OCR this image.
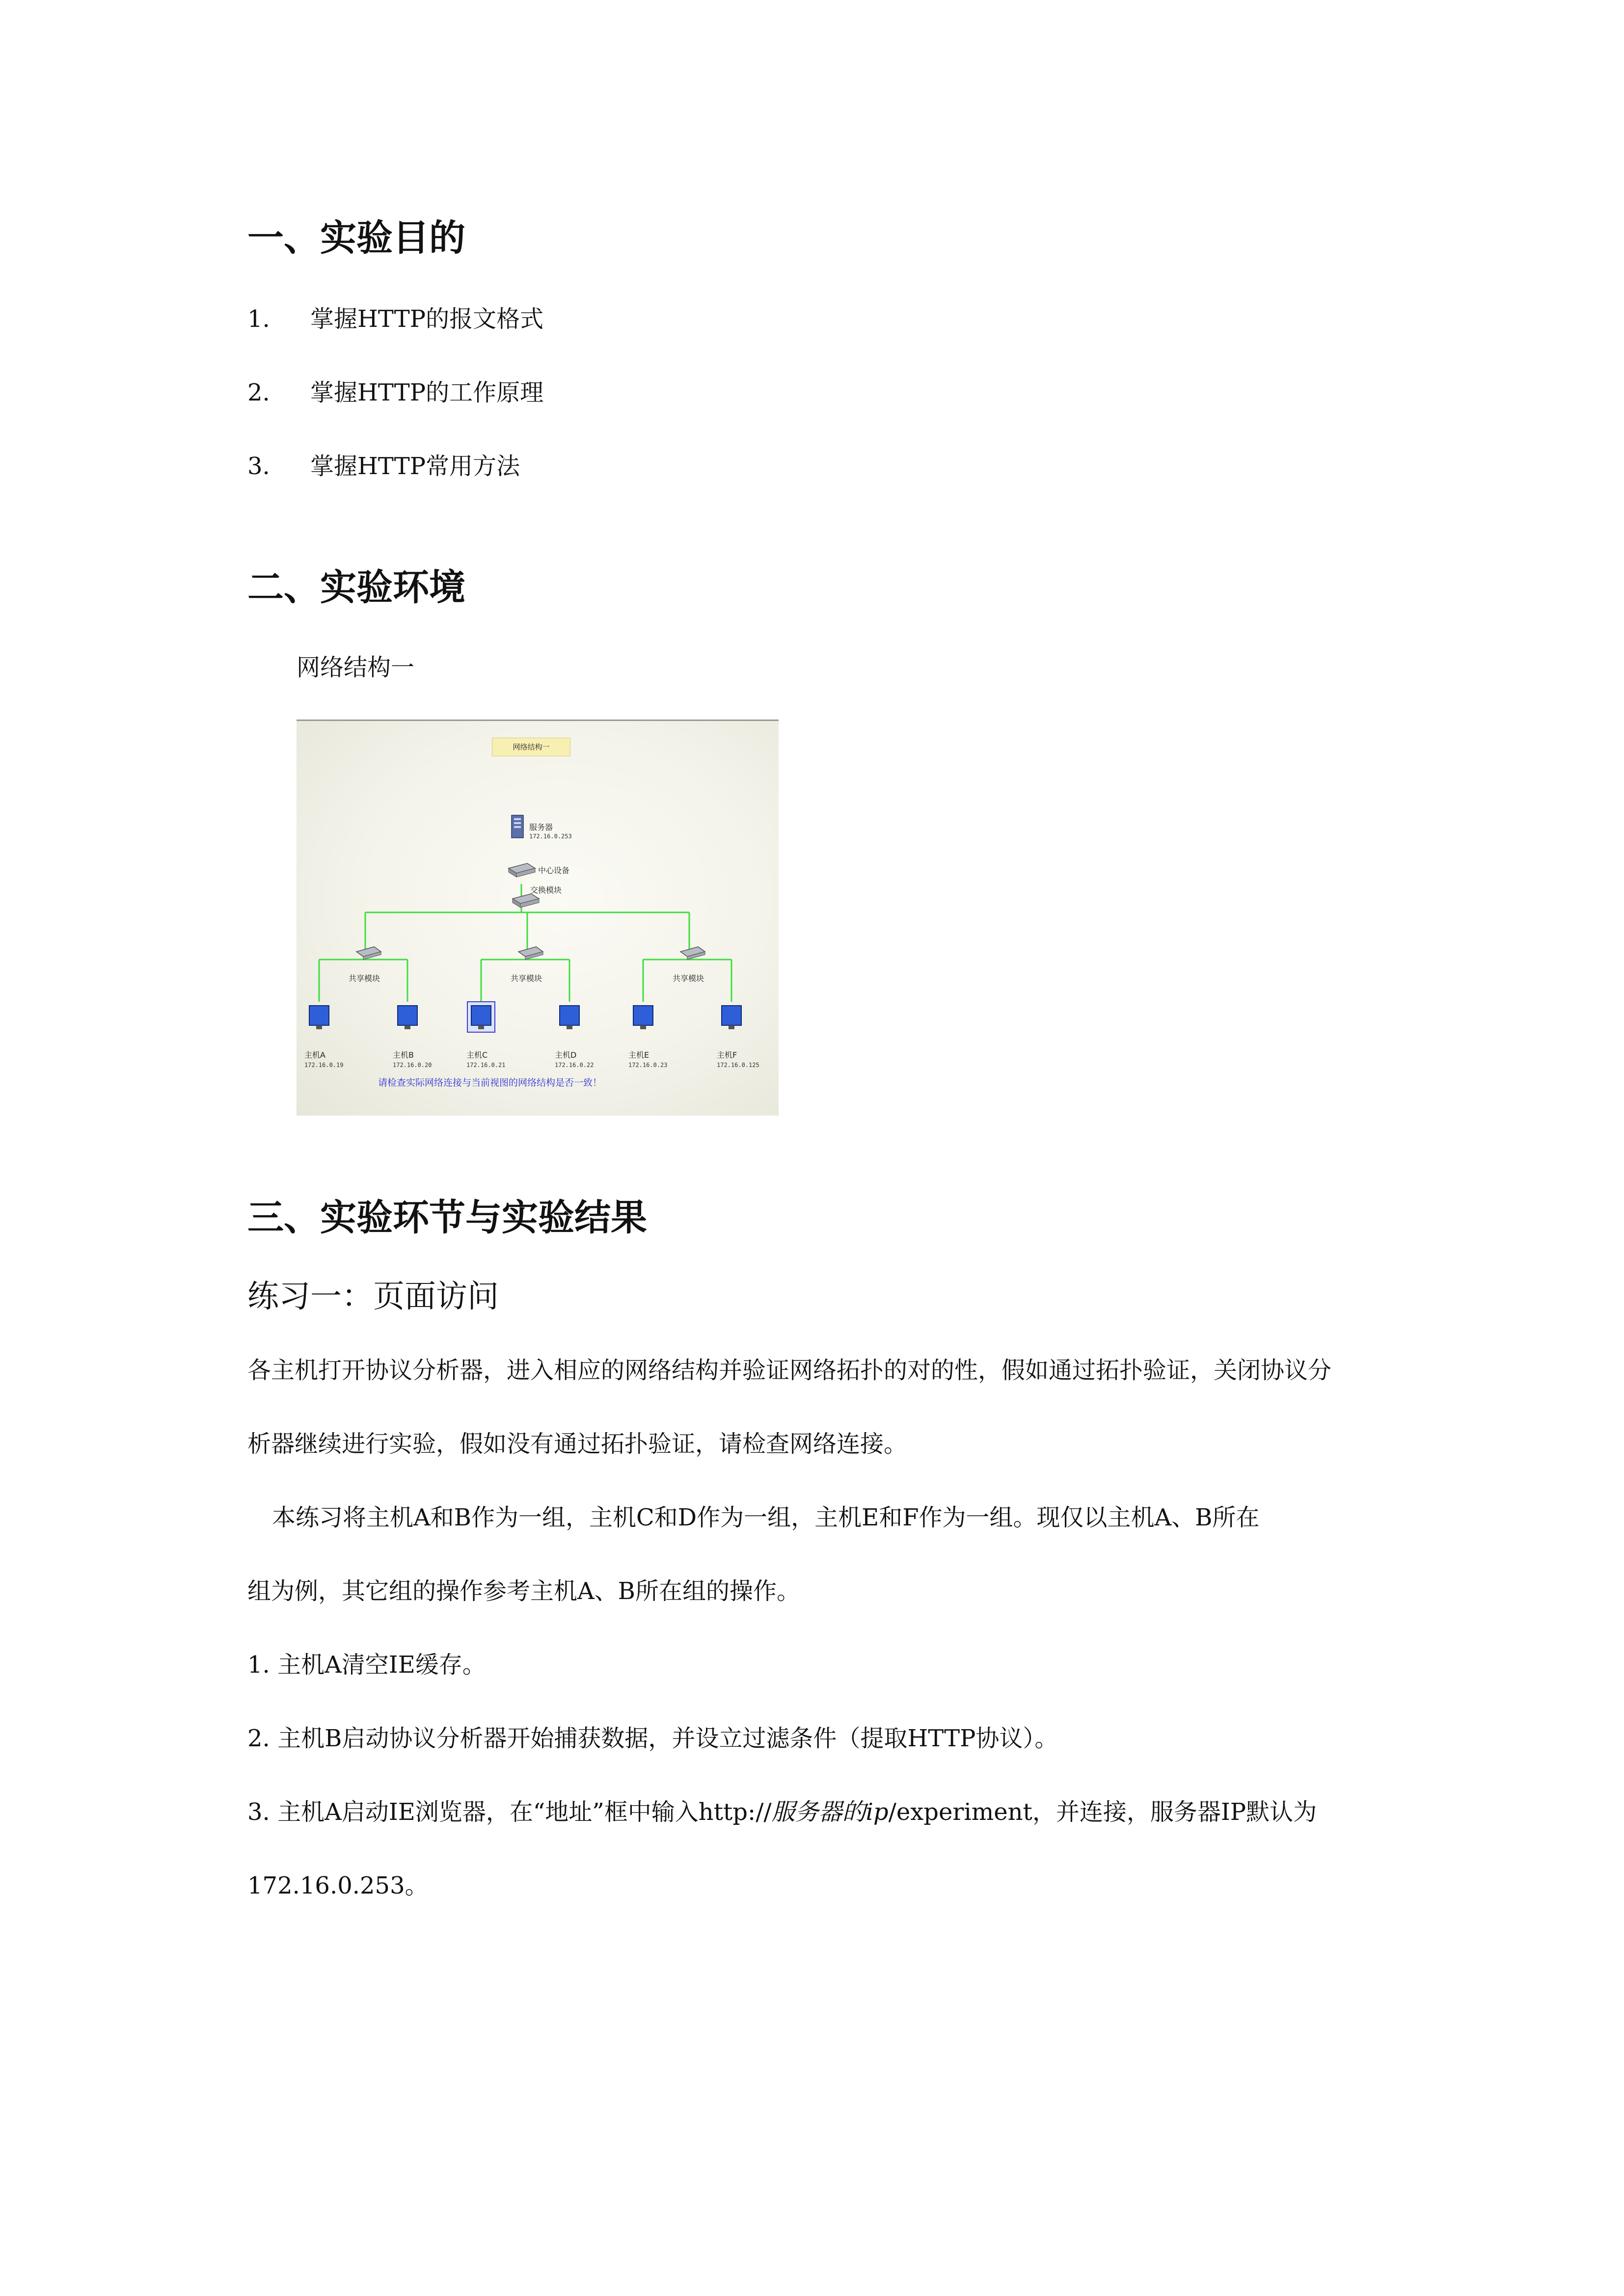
一、实验目的
1. 掌握HTTP的报文格式
2. 掌握HTTP的工作原理
3. 掌握HTTP常用方法
二、实验环境
网络结构一
网络结构一
服务器
172.16.0.253
中心设备
交换模块
共享模块	共享模块	共享模块
主机A
172.16.0.19
主机B
172.16.0.20
主机C
172.16.0.21
主机D
172.16.0.22
主机E
172.16.0.23
主机F
172.16.0.125
请检查实际网络连接与当前视图的网络结构是否一致！
三、实验环节与实验结果
练习一：页面访问
各主机打开协议分析器，进入相应的网络结构并验证网络拓扑的对的性，假如通过拓扑验证，关闭协议分
析器继续进行实验，假如没有通过拓扑验证，请检查网络连接。
本练习将主机A和B作为一组，主机C和D作为一组，主机E和F作为一组。现仅以主机A、B所在
组为例，其它组的操作参考主机A、B所在组的操作。
1. 主机A清空IE缓存。
2. 主机B启动协议分析器开始捕获数据，并设立过滤条件（提取HTTP协议）。
3. 主机A启动IE浏览器，在“地址”框中输入http://服务器的ip/experiment，并连接，服务器IP默认为
172.16.0.253。
